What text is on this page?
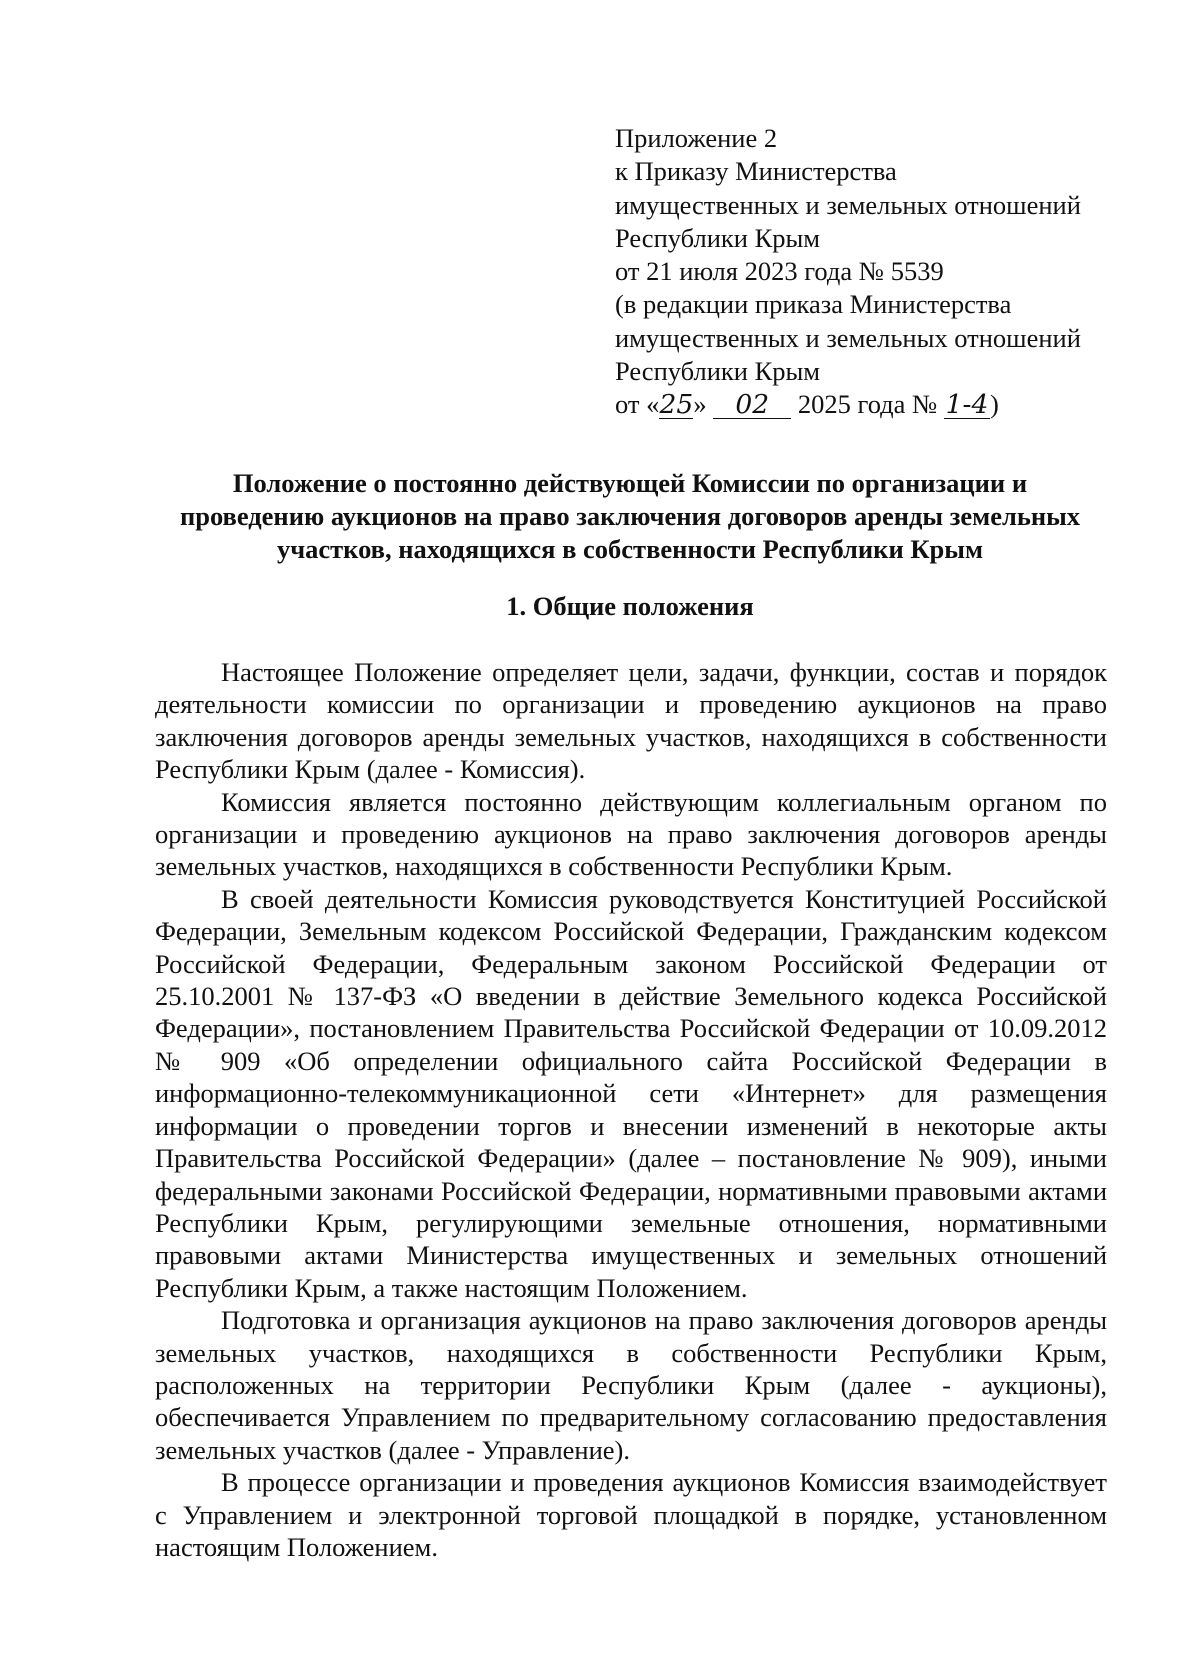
Приложение 2
к Приказу Министерства
имущественных и земельных отношений
Республики Крым
от 21 июля 2023 года № 5539
(в редакции приказа Министерства
имущественных и земельных отношений
Республики Крым
от «25» 02 2025 года № 1-4)
Положение о постоянно действующей Комиссии по организации и
проведению аукционов на право заключения договоров аренды земельных
участков, находящихся в собственности Республики Крым
1. Общие положения

Настоящее Положение определяет цели, задачи, функции, состав и порядок деятельности комиссии по организации и проведению аукционов на право заключения договоров аренды земельных участков, находящихся в собственности Республики Крым (далее - Комиссия).

Комиссия является постоянно действующим коллегиальным органом по организации и проведению аукционов на право заключения договоров аренды земельных участков, находящихся в собственности Республики Крым.

В своей деятельности Комиссия руководствуется Конституцией Российской Федерации, Земельным кодексом Российской Федерации, Гражданским кодексом Российской Федерации, Федеральным законом Российской Федерации от 25.10.2001 № 137-ФЗ «О введении в действие Земельного кодекса Российской Федерации», постановлением Правительства Российской Федерации от 10.09.2012 № 909 «Об определении официального сайта Российской Федерации в информационно-телекоммуникационной сети «Интернет» для размещения информации о проведении торгов и внесении изменений в некоторые акты Правительства Российской Федерации» (далее – постановление № 909), иными федеральными законами Российской Федерации, нормативными правовыми актами Республики Крым, регулирующими земельные отношения, нормативными правовыми актами Министерства имущественных и земельных отношений Республики Крым, а также настоящим Положением.

Подготовка и организация аукционов на право заключения договоров аренды земельных участков, находящихся в собственности Республики Крым, расположенных на территории Республики Крым (далее - аукционы), обеспечивается Управлением по предварительному согласованию предоставления земельных участков (далее - Управление).

В процессе организации и проведения аукционов Комиссия взаимодействует с Управлением и электронной торговой площадкой в порядке, установленном настоящим Положением.
